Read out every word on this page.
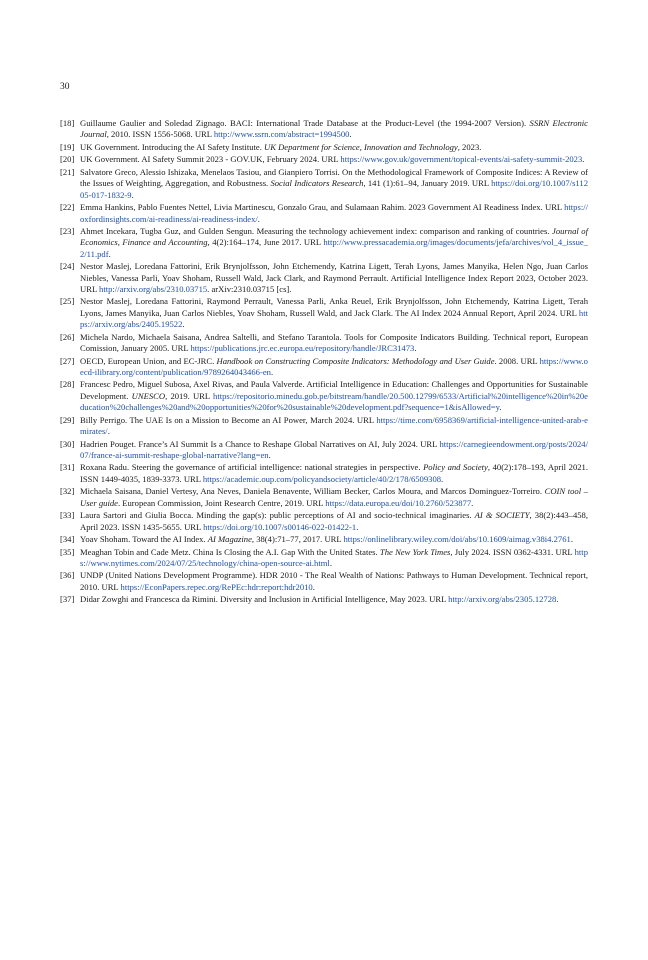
30
[18] Guillaume Gaulier and Soledad Zignago. BACI: International Trade Database at the Product-Level (the 1994-2007 Version). SSRN Electronic Journal, 2010. ISSN 1556-5068. URL http://www.ssrn.com/abstract=1994500.
[19] UK Government. Introducing the AI Safety Institute. UK Department for Science, Innovation and Technology, 2023.
[20] UK Government. AI Safety Summit 2023 - GOV.UK, February 2024. URL https://www.gov.uk/government/topical-events/ai-safety-summit-2023.
[21] Salvatore Greco, Alessio Ishizaka, Menelaos Tasiou, and Gianpiero Torrisi. On the Methodological Framework of Composite Indices: A Review of the Issues of Weighting, Aggregation, and Robustness. Social Indicators Research, 141 (1):61–94, January 2019. URL https://doi.org/10.1007/s11205-017-1832-9.
[22] Emma Hankins, Pablo Fuentes Nettel, Livia Martinescu, Gonzalo Grau, and Sulamaan Rahim. 2023 Government AI Readiness Index. URL https://oxfordinsights.com/ai-readiness/ai-readiness-index/.
[23] Ahmet Incekara, Tugba Guz, and Gulden Sengun. Measuring the technology achievement index: comparison and ranking of countries. Journal of Economics, Finance and Accounting, 4(2):164–174, June 2017. URL http://www.pressacademia.org/images/documents/jefa/archives/vol_4_issue_2/11.pdf.
[24] Nestor Maslej, Loredana Fattorini, Erik Brynjolfsson, John Etchemendy, Katrina Ligett, Terah Lyons, James Manyika, Helen Ngo, Juan Carlos Niebles, Vanessa Parli, Yoav Shoham, Russell Wald, Jack Clark, and Raymond Perrault. Artificial Intelligence Index Report 2023, October 2023. URL http://arxiv.org/abs/2310.03715. arXiv:2310.03715 [cs].
[25] Nestor Maslej, Loredana Fattorini, Raymond Perrault, Vanessa Parli, Anka Reuel, Erik Brynjolfsson, John Etchemendy, Katrina Ligett, Terah Lyons, James Manyika, Juan Carlos Niebles, Yoav Shoham, Russell Wald, and Jack Clark. The AI Index 2024 Annual Report, April 2024. URL https://arxiv.org/abs/2405.19522.
[26] Michela Nardo, Michaela Saisana, Andrea Saltelli, and Stefano Tarantola. Tools for Composite Indicators Building. Technical report, European Comission, January 2005. URL https://publications.jrc.ec.europa.eu/repository/handle/JRC31473.
[27] OECD, European Union, and EC-JRC. Handbook on Constructing Composite Indicators: Methodology and User Guide. 2008. URL https://www.oecd-ilibrary.org/content/publication/9789264043466-en.
[28] Francesc Pedro, Miguel Subosa, Axel Rivas, and Paula Valverde. Artificial Intelligence in Education: Challenges and Opportunities for Sustainable Development. UNESCO, 2019. URL https://repositorio.minedu.gob.pe/bitstream/handle/20.500.12799/6533/Artificial%20intelligence%20in%20education%20challenges%20and%20opportunities%20for%20sustainable%20development.pdf?sequence=1&isAllowed=y.
[29] Billy Perrigo. The UAE Is on a Mission to Become an AI Power, March 2024. URL https://time.com/6958369/artificial-intelligence-united-arab-emirates/.
[30] Hadrien Pouget. France’s AI Summit Is a Chance to Reshape Global Narratives on AI, July 2024. URL https://carnegieendowment.org/posts/2024/07/france-ai-summit-reshape-global-narrative?lang=en.
[31] Roxana Radu. Steering the governance of artificial intelligence: national strategies in perspective. Policy and Society, 40(2):178–193, April 2021. ISSN 1449-4035, 1839-3373. URL https://academic.oup.com/policyandsociety/article/40/2/178/6509308.
[32] Michaela Saisana, Daniel Vertesy, Ana Neves, Daniela Benavente, William Becker, Carlos Moura, and Marcos Dominguez-Torreiro. COIN tool – User guide. European Commission, Joint Research Centre, 2019. URL https://data.europa.eu/doi/10.2760/523877.
[33] Laura Sartori and Giulia Bocca. Minding the gap(s): public perceptions of AI and socio-technical imaginaries. AI & SOCIETY, 38(2):443–458, April 2023. ISSN 1435-5655. URL https://doi.org/10.1007/s00146-022-01422-1.
[34] Yoav Shoham. Toward the AI Index. AI Magazine, 38(4):71–77, 2017. URL https://onlinelibrary.wiley.com/doi/abs/10.1609/aimag.v38i4.2761.
[35] Meaghan Tobin and Cade Metz. China Is Closing the A.I. Gap With the United States. The New York Times, July 2024. ISSN 0362-4331. URL https://www.nytimes.com/2024/07/25/technology/china-open-source-ai.html.
[36] UNDP (United Nations Development Programme). HDR 2010 - The Real Wealth of Nations: Pathways to Human Development. Technical report, 2010. URL https://EconPapers.repec.org/RePEc:hdr:report:hdr2010.
[37] Didar Zowghi and Francesca da Rimini. Diversity and Inclusion in Artificial Intelligence, May 2023. URL http://arxiv.org/abs/2305.12728.
